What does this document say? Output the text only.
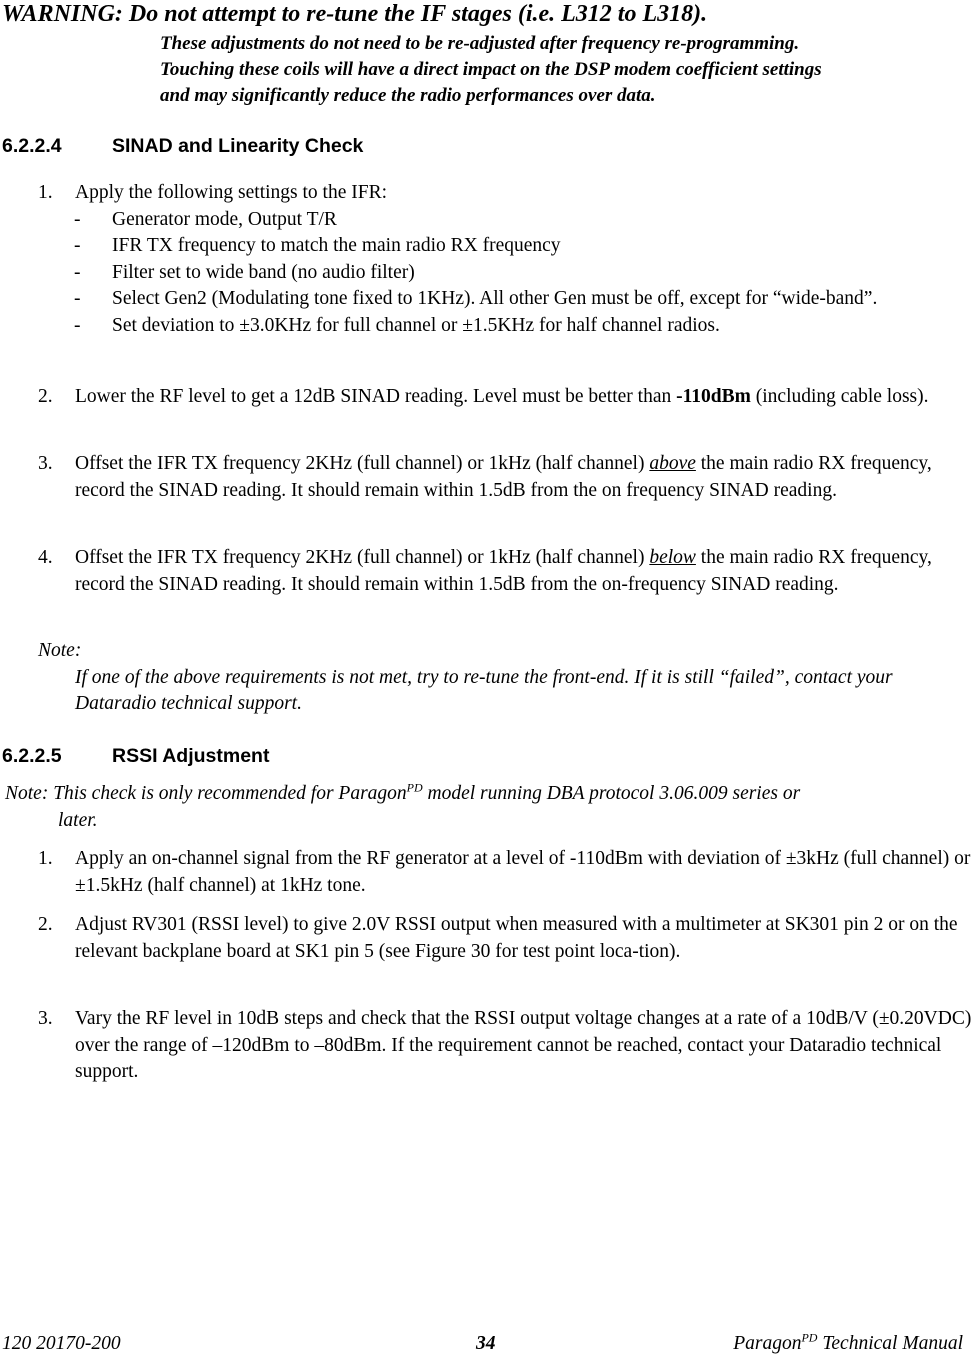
WARNING: Do not attempt to re-tune the IF stages (i.e. L312 to L318).
These adjustments do not need to be re-adjusted after frequency re-programming.
Touching these coils will have a direct impact on the DSP modem coefficient settings
and may significantly reduce the radio performances over data.
6.2.2.4	SINAD and Linearity Check
1. Apply the following settings to the IFR:
- Generator mode, Output T/R
- IFR TX frequency to match the main radio RX frequency
- Filter set to wide band (no audio filter)
- Select Gen2 (Modulating tone fixed to 1KHz). All other Gen must be off, except for “wide-band”.
- Set deviation to ±3.0KHz for full channel or ±1.5KHz for half channel radios.
2. Lower the RF level to get a 12dB SINAD reading. Level must be better than -110dBm (including cable loss).
3. Offset the IFR TX frequency 2KHz (full channel) or 1kHz (half channel) above the main radio RX frequency, record the SINAD reading. It should remain within 1.5dB from the on frequency SINAD reading.
4. Offset the IFR TX frequency 2KHz (full channel) or 1kHz (half channel) below the main radio RX frequency, record the SINAD reading. It should remain within 1.5dB from the on-frequency SINAD reading.
Note:
If one of the above requirements is not met, try to re-tune the front-end. If it is still “failed”, contact your Dataradio technical support.
6.2.2.5	RSSI Adjustment
Note: This check is only recommended for Paragon$^{PD}$ model running DBA protocol 3.06.009 series or
later.
1. Apply an on-channel signal from the RF generator at a level of -110dBm with deviation of ±3kHz (full channel) or ±1.5kHz (half channel) at 1kHz tone.
2. Adjust RV301 (RSSI level) to give 2.0V RSSI output when measured with a multimeter at SK301 pin 2 or on the relevant backplane board at SK1 pin 5 (see Figure 30 for test point loca-tion).
3. Vary the RF level in 10dB steps and check that the RSSI output voltage changes at a rate of a 10dB/V (±0.20VDC) over the range of –120dBm to –80dBm. If the requirement cannot be reached, contact your Dataradio technical support.
120 20170-200	34	Paragon$^{PD}$ Technical Manual
